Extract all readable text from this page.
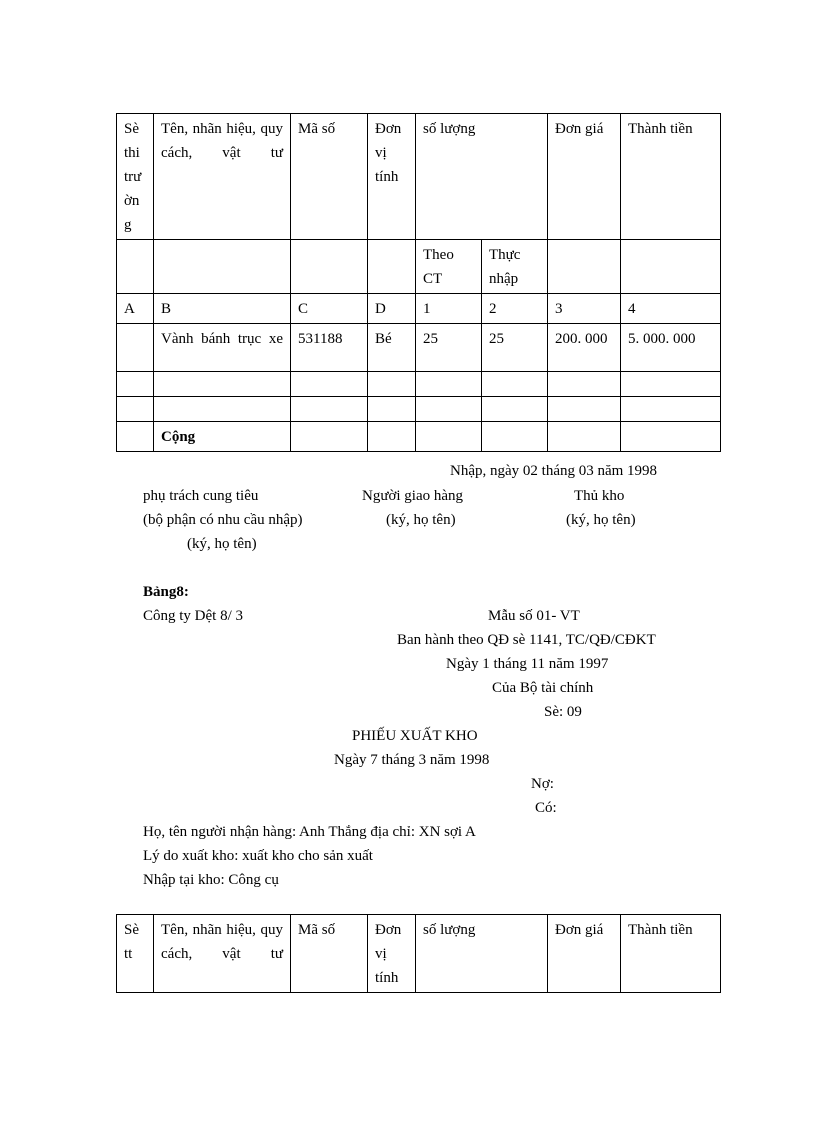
Sè thi trư ờn g	Tên, nhãn hiệu, quy cách, vật tư	Mã số	Đơn vị tính	số lượng		Đơn giá	Thành tiền
				Theo CT	Thực nhập		
A	B	C	D	1	2	3	4
	Vành bánh trục xe	531188	Bé	25	25	200. 000	5. 000. 000

	Cộng						
Nhập, ngày 02 tháng 03 năm 1998
phụ trách cung tiêu	Người giao hàng	Thủ kho
(bộ phận có nhu cầu nhập)	(ký, họ tên)	(ký, họ tên)
(ký, họ tên)
Bảng8:
Công ty Dệt 8/ 3	Mẫu số 01- VT
Ban hành theo QĐ sè 1141, TC/QĐ/CĐKT
Ngày 1 tháng 11 năm 1997
Của Bộ tài chính
Sè: 09
PHIẾU XUẤT KHO
Ngày 7 tháng 3 năm 1998
Nợ:
Có:
Họ, tên người nhận hàng: Anh Thắng địa chỉ: XN sợi A
Lý do xuất kho: xuất kho cho sản xuất
Nhập tại kho: Công cụ
Sè tt	Tên, nhãn hiệu, quy cách, vật tư	Mã số	Đơn vị tính	số lượng	Đơn giá	Thành tiền
